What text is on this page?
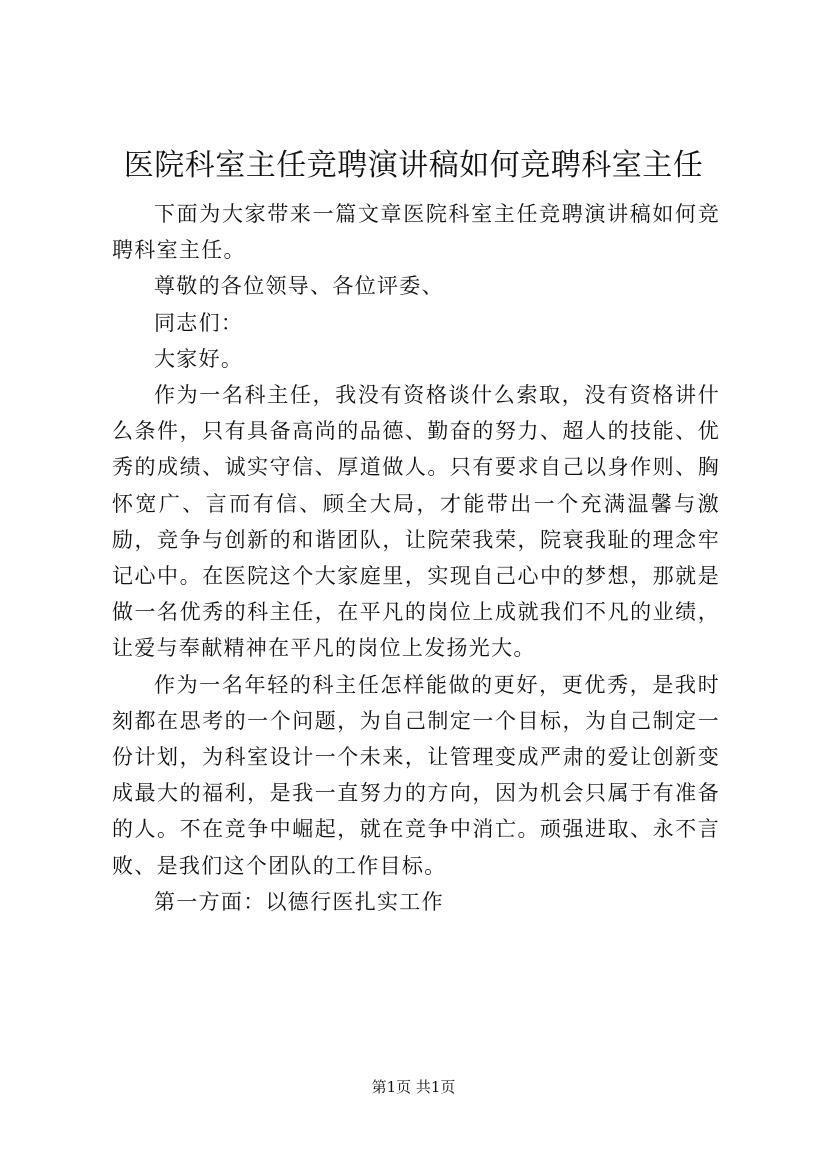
医院科室主任竞聘演讲稿如何竞聘科室主任

下面为大家带来一篇文章医院科室主任竞聘演讲稿如何竞聘科室主任。

尊敬的各位领导、各位评委、

同志们：

大家好。

作为一名科主任，我没有资格谈什么索取，没有资格讲什么条件，只有具备高尚的品德、勤奋的努力、超人的技能、优秀的成绩、诚实守信、厚道做人。只有要求自己以身作则、胸怀宽广、言而有信、顾全大局，才能带出一个充满温馨与激励，竞争与创新的和谐团队，让院荣我荣，院衰我耻的理念牢记心中。在医院这个大家庭里，实现自己心中的梦想，那就是做一名优秀的科主任，在平凡的岗位上成就我们不凡的业绩，让爱与奉献精神在平凡的岗位上发扬光大。

作为一名年轻的科主任怎样能做的更好，更优秀，是我时刻都在思考的一个问题，为自己制定一个目标，为自己制定一份计划，为科室设计一个未来，让管理变成严肃的爱让创新变成最大的福利，是我一直努力的方向，因为机会只属于有准备的人。不在竞争中崛起，就在竞争中消亡。顽强进取、永不言败、是我们这个团队的工作目标。

第一方面：以德行医扎实工作

第1页 共1页
